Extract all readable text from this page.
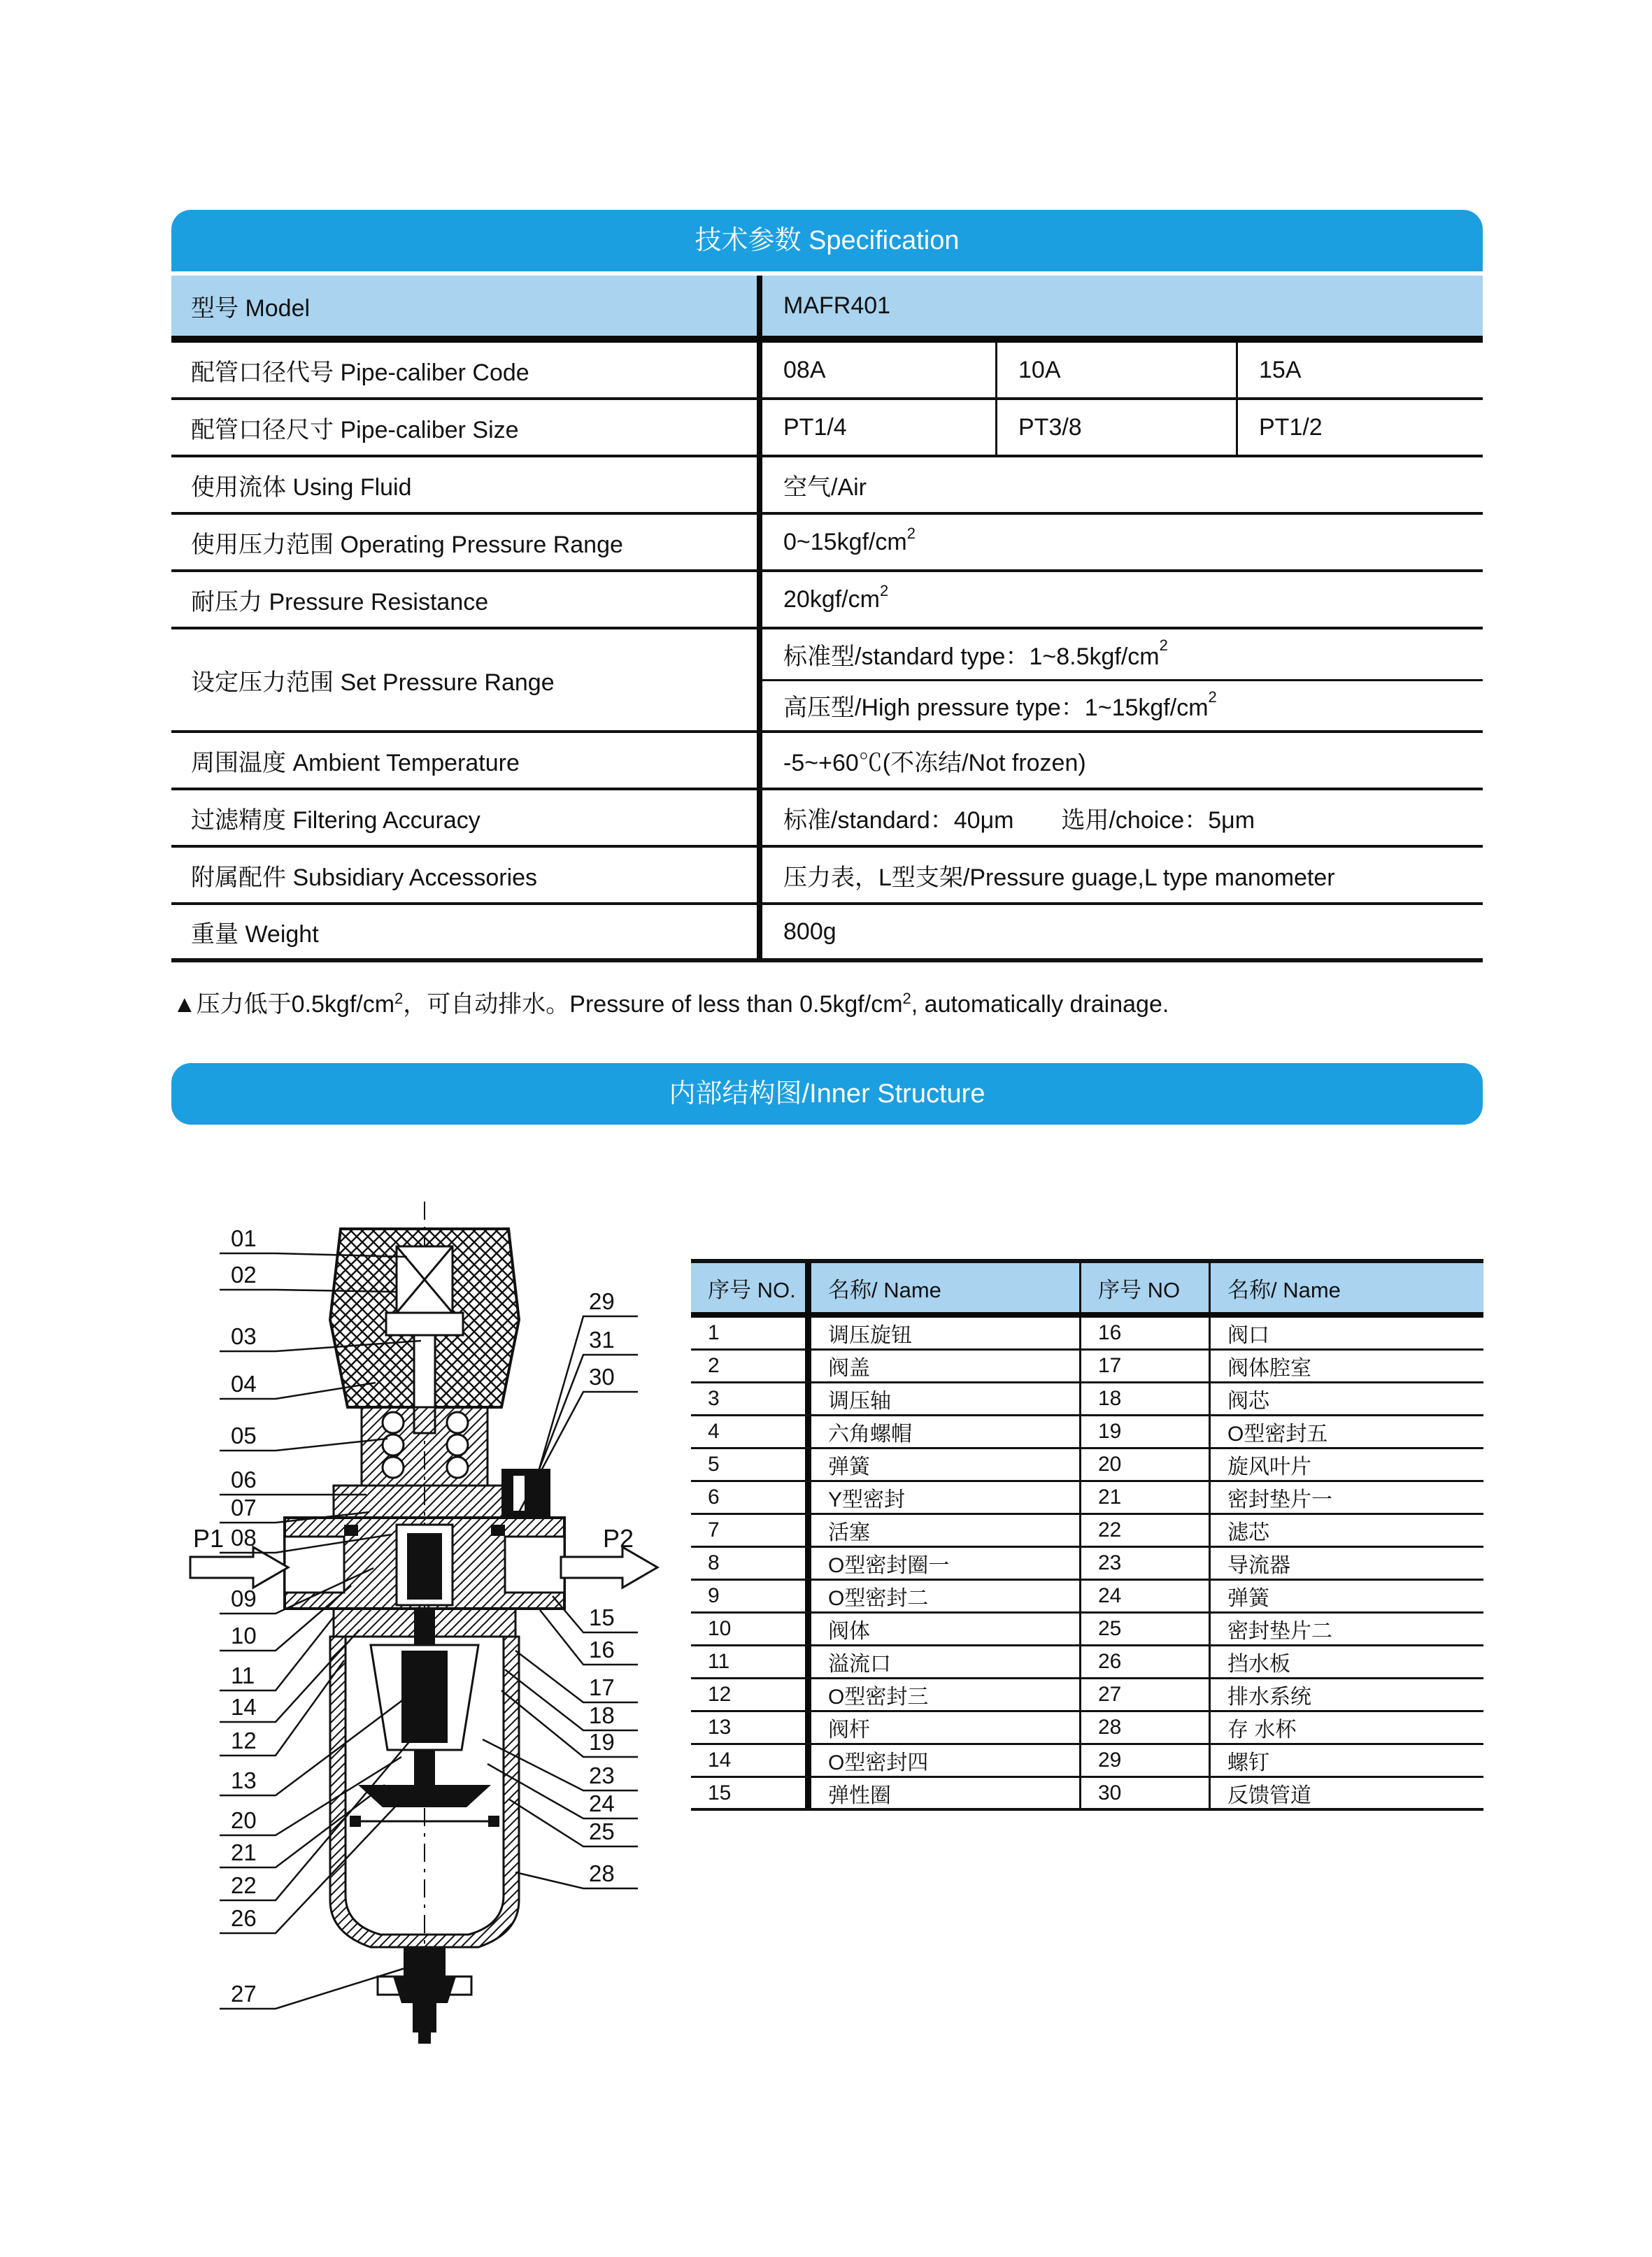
技术参数 Specification
型号 Model	MAFR401
配管口径代号 Pipe-caliber Code	08A	10A	15A
配管口径尺寸 Pipe-caliber Size	PT1/4	PT3/8	PT1/2
使用流体 Using Fluid	空气/Air
使用压力范围 Operating Pressure Range	0~15kgf/cm 2
耐压力 Pressure Resistance	20kgf/cm 2
设定压力范围 Set Pressure Range
标准型/standard type：1~8.5kgf/cm 2
高压型/High pressure type：1~15kgf/cm 2
周围温度 Ambient Temperature	-5~+60℃(不冻结/Not frozen)
过滤精度 Filtering Accuracy	标准/standard：40μm　　选用/choice：5μm
附属配件 Subsidiary Accessories	压力表，L型支架/Pressure guage,L type manometer
重量 Weight	800g
▲压力低于$0.5kgf/cm^2$，可自动排水。Pressure of less than $0.5kgf/cm^2$, automatically drainage.
内部结构图/Inner Structure
P1	P2
01
02
03
04
05
06
07
08
09
10
11
14
12
13
20
21
22
26
27
29
31
30
15
16
17
18
19
23
24
25
28
序号 NO.	名称/ Name	序号 NO	名称/ Name
1	调压旋钮	16	阀口
2	阀盖	17	阀体腔室
3	调压轴	18	阀芯
4	六角螺帽	19	O型密封五
5	弹簧	20	旋风叶片
6	Y型密封	21	密封垫片一
7	活塞	22	滤芯
8	O型密封圈一	23	导流器
9	O型密封二	24	弹簧
10	阀体	25	密封垫片二
11	溢流口	26	挡水板
12	O型密封三	27	排水系统
13	阀杆	28	存 水杯
14	O型密封四	29	螺钉
15	弹性圈	30	反馈管道
